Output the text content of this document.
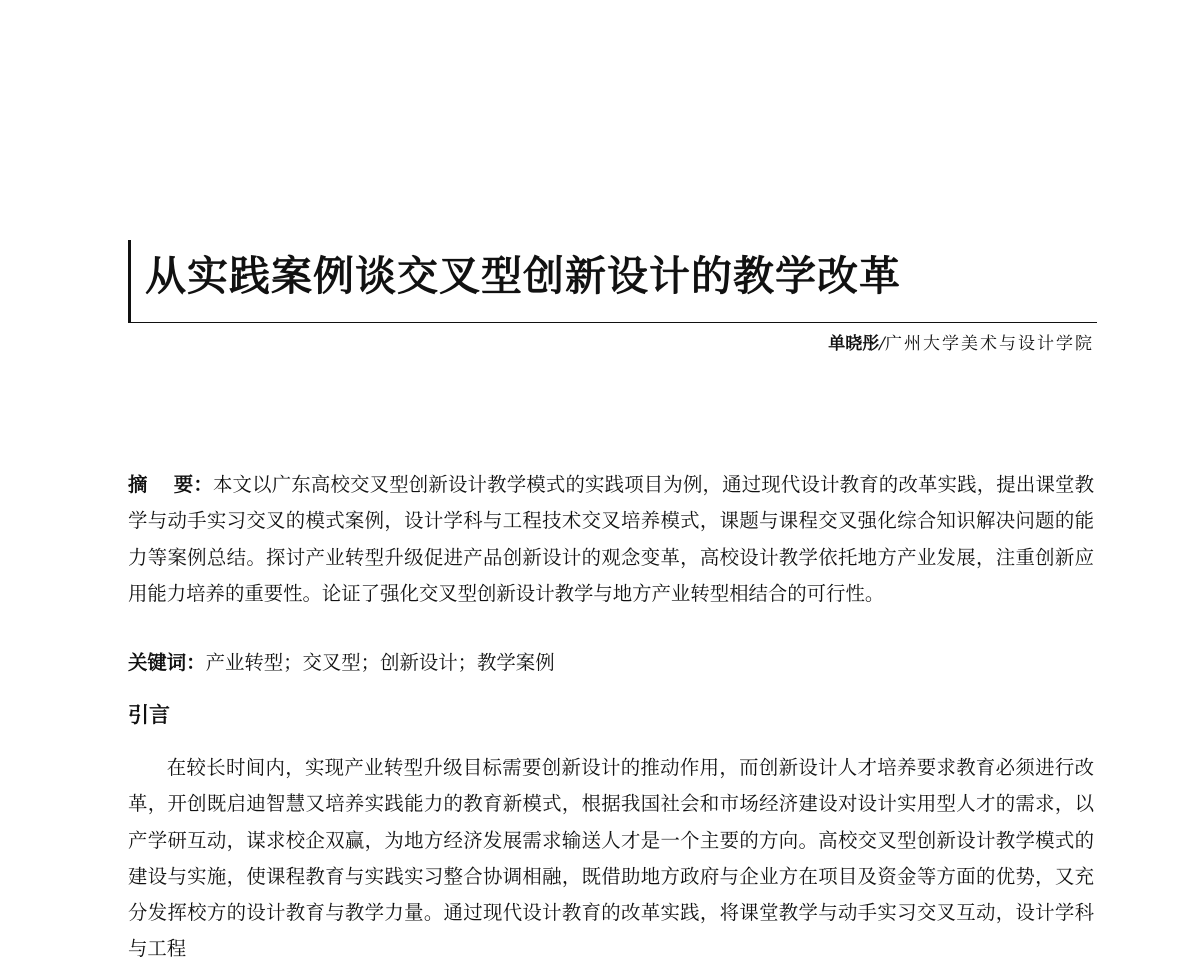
从实践案例谈交叉型创新设计的教学改革
单晓彤/广州大学美术与设计学院
摘 要：本文以广东高校交叉型创新设计教学模式的实践项目为例，通过现代设计教育的改革实践，提出课堂教学与动手实习交叉的模式案例，设计学科与工程技术交叉培养模式，课题与课程交叉强化综合知识解决问题的能力等案例总结。探讨产业转型升级促进产品创新设计的观念变革，高校设计教学依托地方产业发展，注重创新应用能力培养的重要性。论证了强化交叉型创新设计教学与地方产业转型相结合的可行性。
关键词：产业转型；交叉型；创新设计；教学案例
引言
在较长时间内，实现产业转型升级目标需要创新设计的推动作用，而创新设计人才培养要求教育必须进行改革，开创既启迪智慧又培养实践能力的教育新模式，根据我国社会和市场经济建设对设计实用型人才的需求，以产学研互动，谋求校企双赢，为地方经济发展需求输送人才是一个主要的方向。高校交叉型创新设计教学模式的建设与实施，使课程教育与实践实习整合协调相融，既借助地方政府与企业方在项目及资金等方面的优势，又充分发挥校方的设计教育与教学力量。通过现代设计教育的改革实践，将课堂教学与动手实习交叉互动，设计学科与工程
